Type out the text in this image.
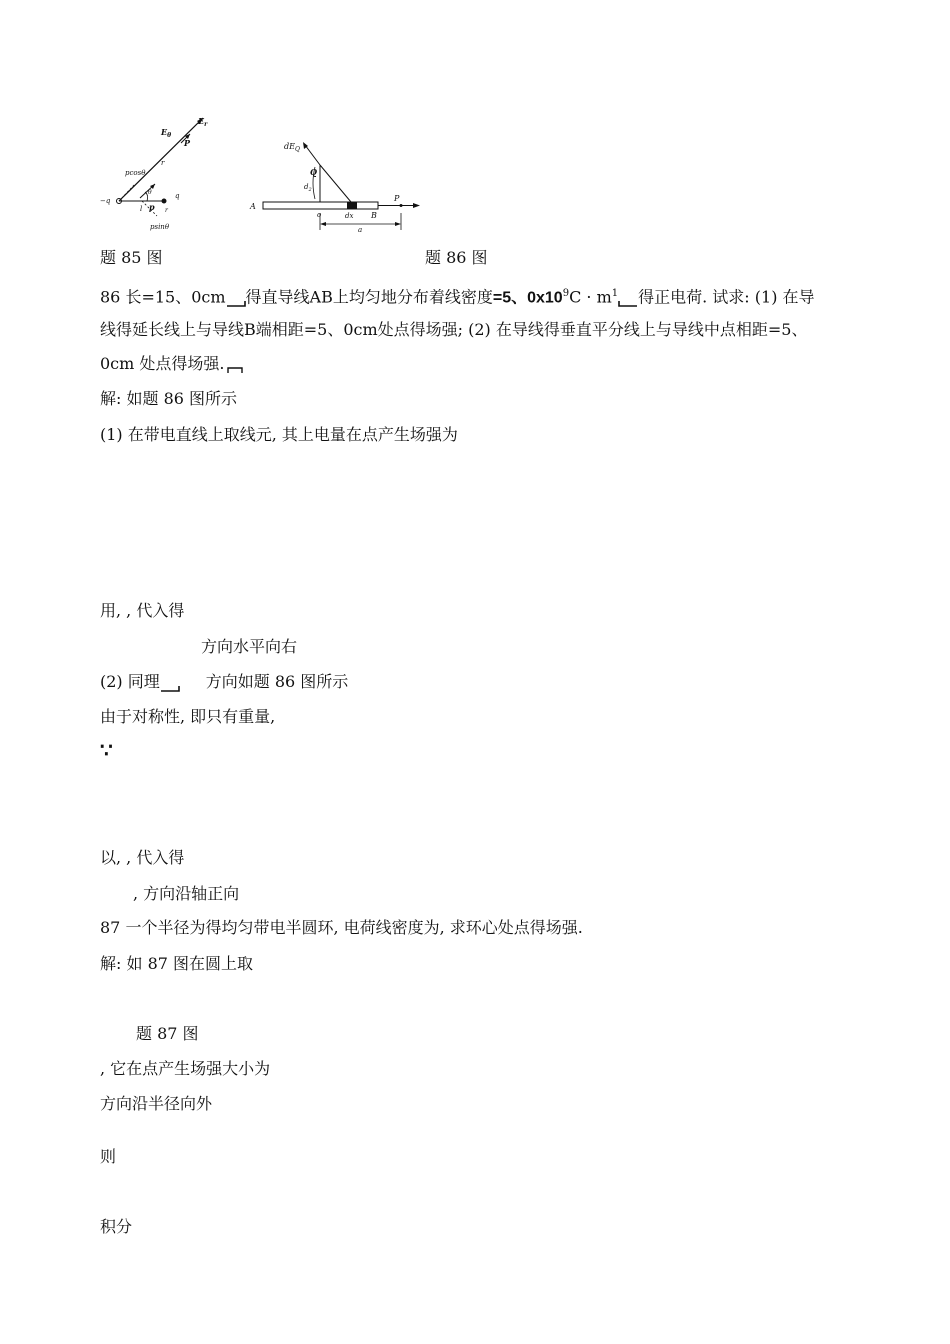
$E_r$
$E_\theta$
P
r
pcosθ
θ
−q
q
l p r
psinθ
$dE_Q$
Q
$d_2$
A
o	dx B
P
a
题 85 图	题 86 图
86 长=15、0cm 得直导线AB上均匀地分布着线密度=5、$0x10^9C \cdot m^1$ 得正电荷. 试求: (1) 在导
线得延长线上与导线B端相距=5、0cm处点得场强; (2) 在导线得垂直平分线上与导线中点相距=5、
0cm 处点得场强.
解: 如题 86 图所示
(1) 在带电直线上取线元, 其上电量在点产生场强为
用, , 代入得
方向水平向右
(2) 同理	方向如题 86 图所示
由于对称性, 即只有重量,
∵
以, , 代入得
, 方向沿轴正向
87 一个半径为得均匀带电半圆环, 电荷线密度为, 求环心处点得场强.
解: 如 87 图在圆上取
题 87 图
, 它在点产生场强大小为
方向沿半径向外
则
积分
